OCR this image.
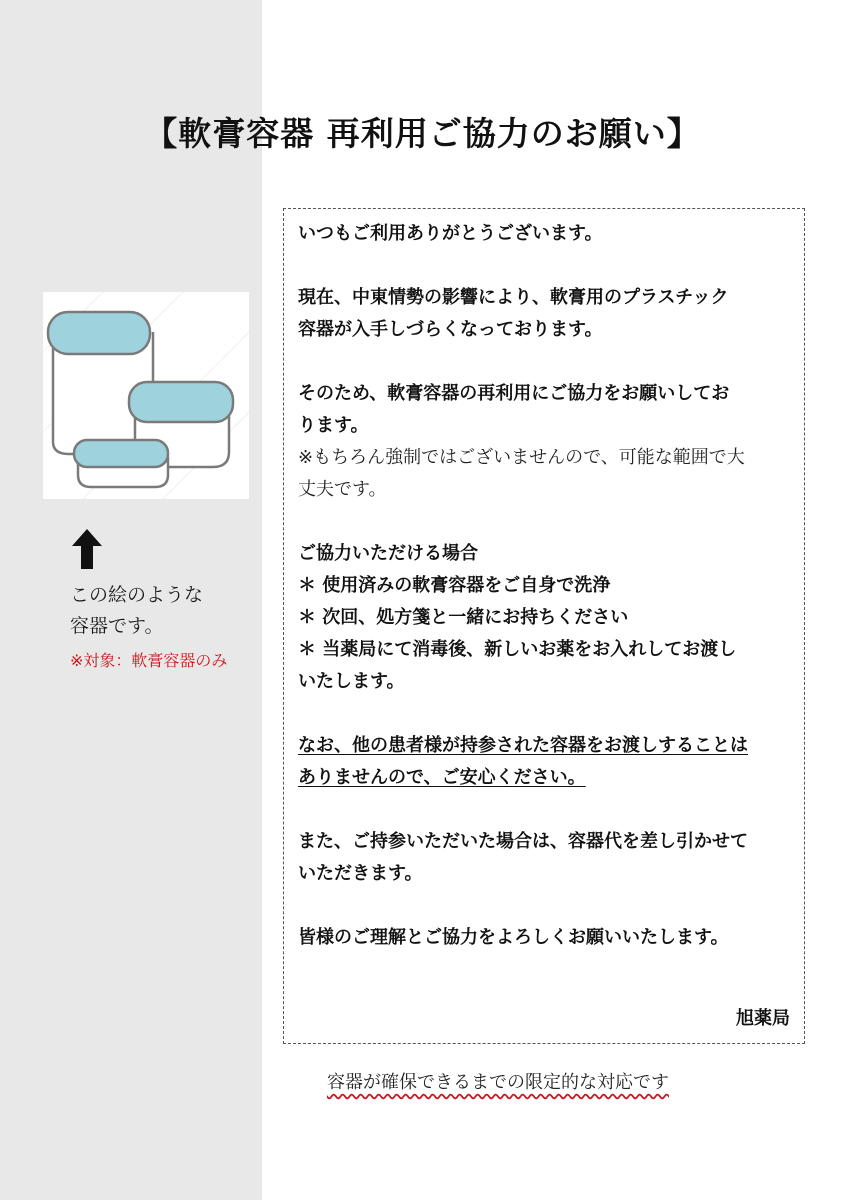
【軟膏容器 再利用ご協力のお願い】
この絵のような
容器です。
※対象：軟膏容器のみ

いつもご利用ありがとうございます。

現在、中東情勢の影響により、軟膏用のプラスチック

容器が入手しづらくなっております。

そのため、軟膏容器の再利用にご協力をお願いしてお

ります。

※もちろん強制ではございませんので、可能な範囲で大

丈夫です。

ご協力いただける場合

＊ 使用済みの軟膏容器をご自身で洗浄

＊ 次回、処方箋と一緒にお持ちください

＊ 当薬局にて消毒後、新しいお薬をお入れしてお渡し

いたします。

なお、他の患者様が持参された容器をお渡しすることは

ありませんので、ご安心ください。

また、ご持参いただいた場合は、容器代を差し引かせて

いただきます。

皆様のご理解とご協力をよろしくお願いいたします。

旭薬局
容器が確保できるまでの限定的な対応です
